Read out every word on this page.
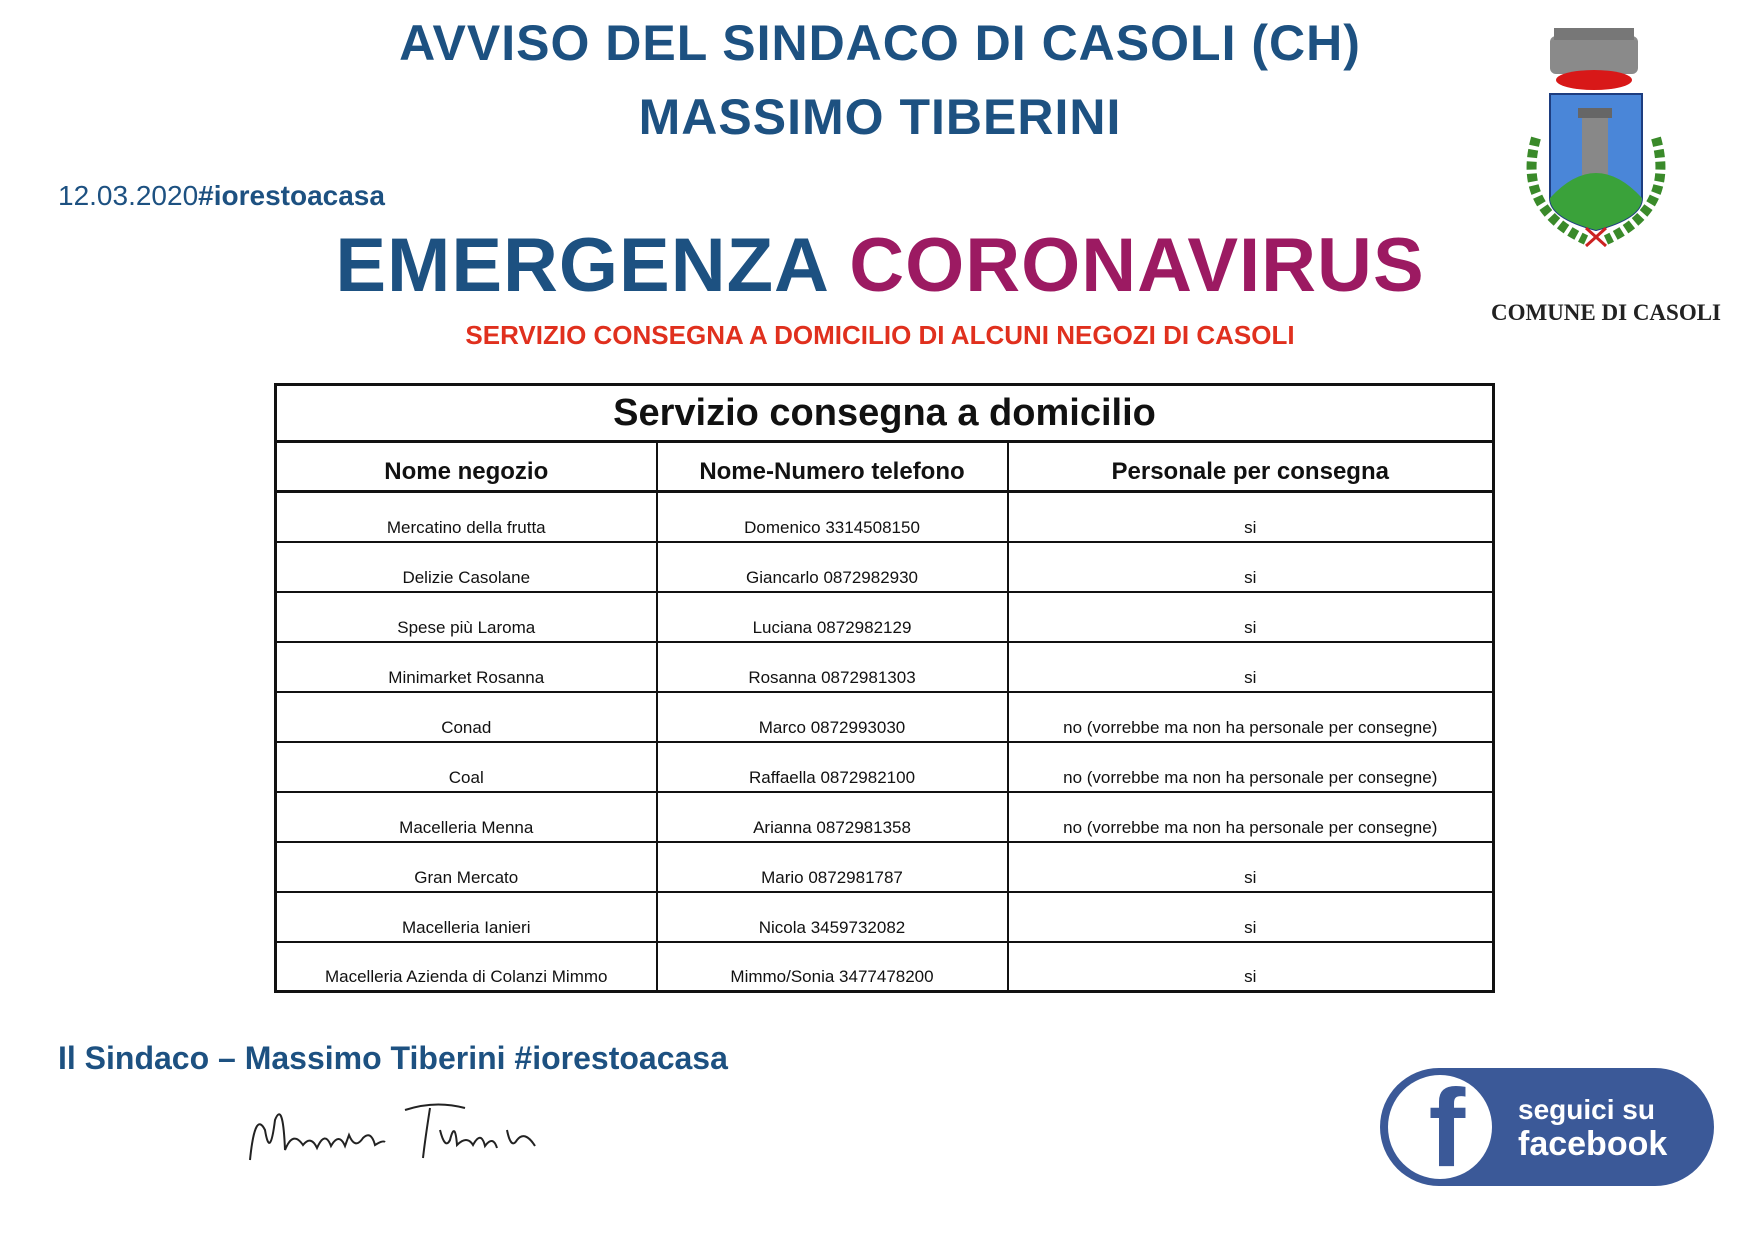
AVVISO DEL SINDACO DI CASOLI (CH)
MASSIMO TIBERINI
12.03.2020#iorestoacasa
EMERGENZA CORONAVIRUS
SERVIZIO CONSEGNA A DOMICILIO DI ALCUNI NEGOZI DI CASOLI
COMUNE DI CASOLI
Servizio consegna a domicilio		
Nome negozio	Nome-Numero telefono	Personale per consegna
Mercatino della frutta	Domenico 3314508150	si
Delizie Casolane	Giancarlo 0872982930	si
Spese più Laroma	Luciana 0872982129	si
Minimarket Rosanna	Rosanna 0872981303	si
Conad	Marco 0872993030	no (vorrebbe ma non ha personale per consegne)
Coal	Raffaella 0872982100	no (vorrebbe ma non ha personale per consegne)
Macelleria Menna	Arianna 0872981358	no (vorrebbe ma non ha personale per consegne)
Gran Mercato	Mario 0872981787	si
Macelleria Ianieri	Nicola 3459732082	si
Macelleria Azienda di Colanzi Mimmo	Mimmo/Sonia 3477478200	si
Il Sindaco – Massimo Tiberini #iorestoacasa
f seguici su
facebook
